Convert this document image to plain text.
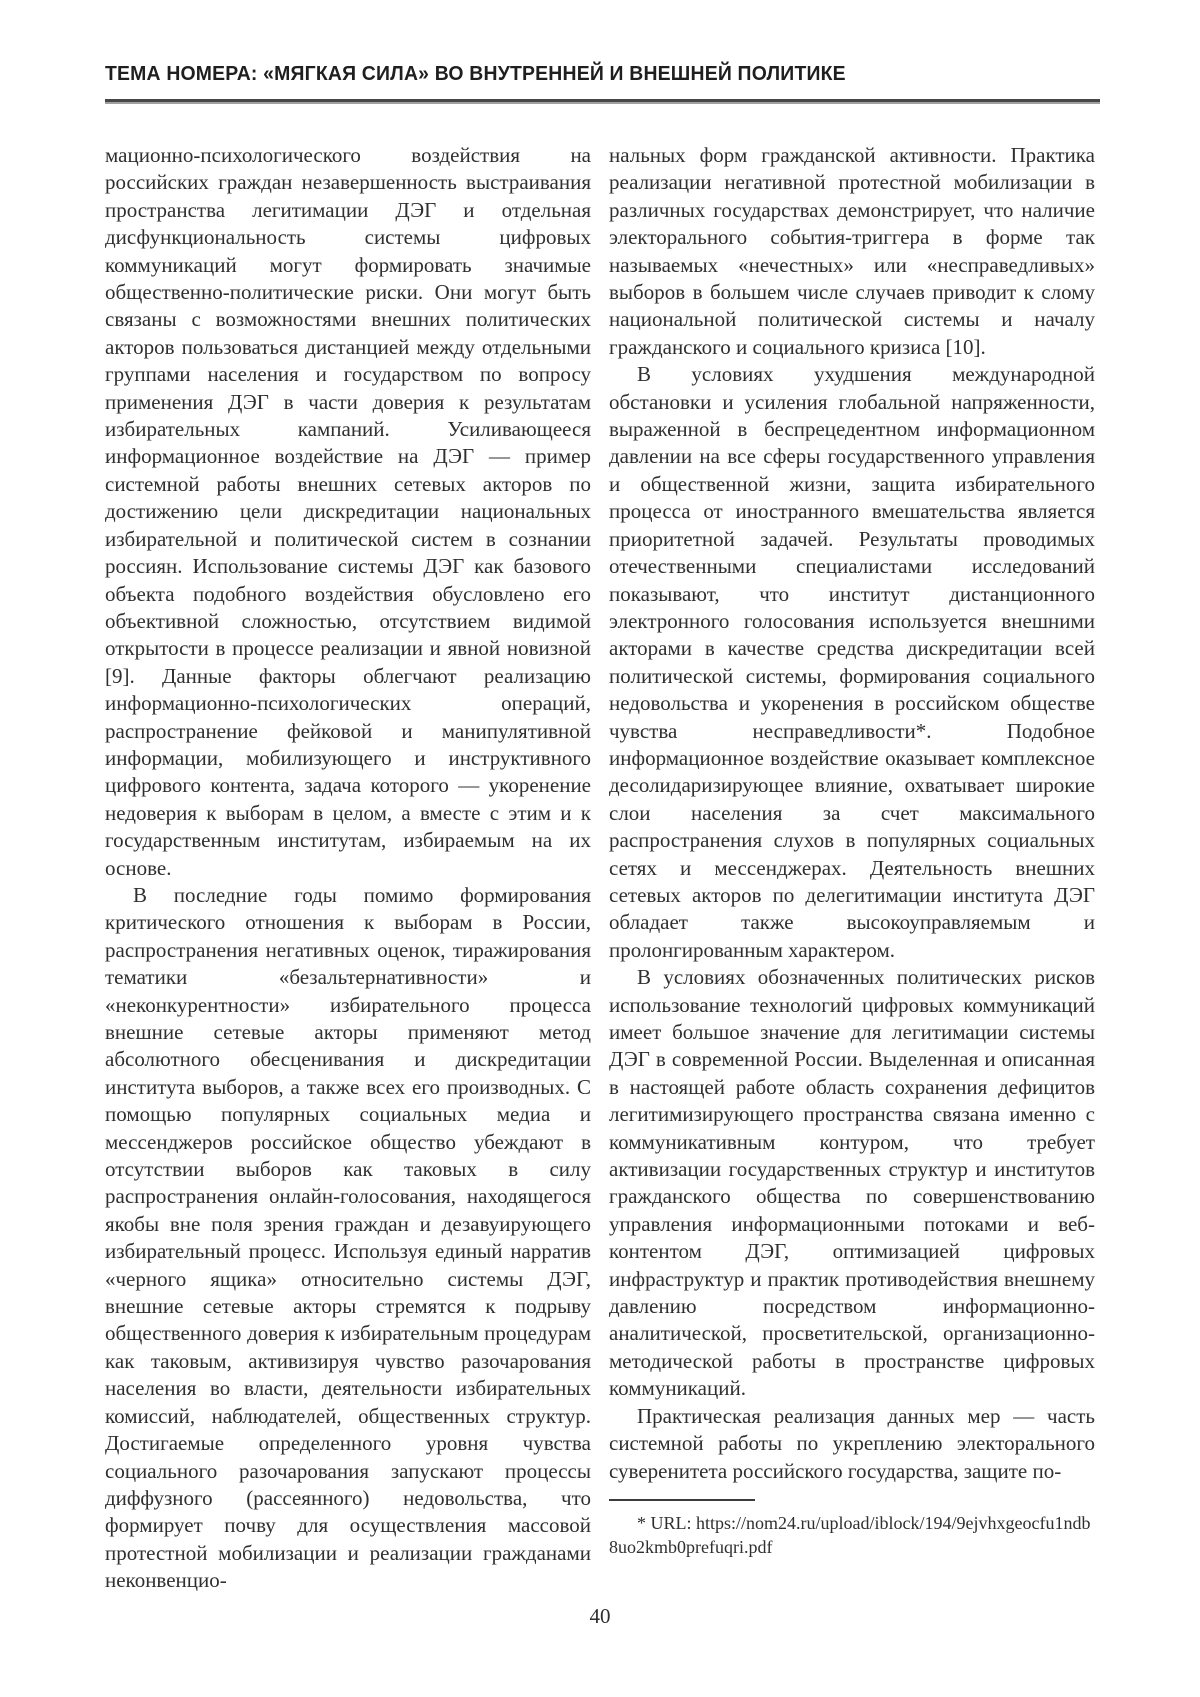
ТЕМА НОМЕРА: «МЯГКАЯ СИЛА» ВО ВНУТРЕННЕЙ И ВНЕШНЕЙ ПОЛИТИКЕ

мационно-психологического воздействия на российских граждан незавершенность выстраивания пространства легитимации ДЭГ и отдельная дисфункциональность системы цифровых коммуникаций могут формировать значимые общественно-политические риски. Они могут быть связаны с возможностями внешних политических акторов пользоваться дистанцией между отдельными группами населения и государством по вопросу применения ДЭГ в части доверия к результатам избирательных кампаний. Усиливающееся информационное воздействие на ДЭГ — пример системной работы внешних сетевых акторов по достижению цели дискредитации национальных избирательной и политической систем в сознании россиян. Использование системы ДЭГ как базового объекта подобного воздействия обусловлено его объективной сложностью, отсутствием видимой открытости в процессе реализации и явной новизной [9]. Данные факторы облегчают реализацию информационно-психологических операций, распространение фейковой и манипулятивной информации, мобилизующего и инструктивного цифрового контента, задача которого — укоренение недоверия к выборам в целом, а вместе с этим и к государственным институтам, избираемым на их основе.

В последние годы помимо формирования критического отношения к выборам в России, распространения негативных оценок, тиражирования тематики «безальтернативности» и «неконкурентности» избирательного процесса внешние сетевые акторы применяют метод абсолютного обесценивания и дискредитации института выборов, а также всех его производных. С помощью популярных социальных медиа и мессенджеров российское общество убеждают в отсутствии выборов как таковых в силу распространения онлайн-голосования, находящегося якобы вне поля зрения граждан и дезавуирующего избирательный процесс. Используя единый нарратив «черного ящика» относительно системы ДЭГ, внешние сетевые акторы стремятся к подрыву общественного доверия к избирательным процедурам как таковым, активизируя чувство разочарования населения во власти, деятельности избирательных комиссий, наблюдателей, общественных структур. Достигаемые определенного уровня чувства социального разочарования запускают процессы диффузного (рассеянного) недовольства, что формирует почву для осуществления массовой протестной мобилизации и реализации гражданами неконвенцио-

нальных форм гражданской активности. Практика реализации негативной протестной мобилизации в различных государствах демонстрирует, что наличие электорального события-триггера в форме так называемых «нечестных» или «несправедливых» выборов в большем числе случаев приводит к слому национальной политической системы и началу гражданского и социального кризиса [10].

В условиях ухудшения международной обстановки и усиления глобальной напряженности, выраженной в беспрецедентном информационном давлении на все сферы государственного управления и общественной жизни, защита избирательного процесса от иностранного вмешательства является приоритетной задачей. Результаты проводимых отечественными специалистами исследований показывают, что институт дистанционного электронного голосования используется внешними акторами в качестве средства дискредитации всей политической системы, формирования социального недовольства и укоренения в российском обществе чувства несправедливости*. Подобное информационное воздействие оказывает комплексное десолидаризирующее влияние, охватывает широкие слои населения за счет максимального распространения слухов в популярных социальных сетях и мессенджерах. Деятельность внешних сетевых акторов по делегитимации института ДЭГ обладает также высокоуправляемым и пролонгированным характером.

В условиях обозначенных политических рисков использование технологий цифровых коммуникаций имеет большое значение для легитимации системы ДЭГ в современной России. Выделенная и описанная в настоящей работе область сохранения дефицитов легитимизирующего пространства связана именно с коммуникативным контуром, что требует активизации государственных структур и институтов гражданского общества по совершенствованию управления информационными потоками и веб-контентом ДЭГ, оптимизацией цифровых инфраструктур и практик противодействия внешнему давлению посредством информационно-аналитической, просветительской, организационно-методической работы в пространстве цифровых коммуникаций.

Практическая реализация данных мер — часть системной работы по укреплению электорального суверенитета российского государства, защите по-

* URL: https://nom24.ru/upload/iblock/194/9ejvhxgeocfu1ndb8uo2kmb0prefuqri.pdf

40
